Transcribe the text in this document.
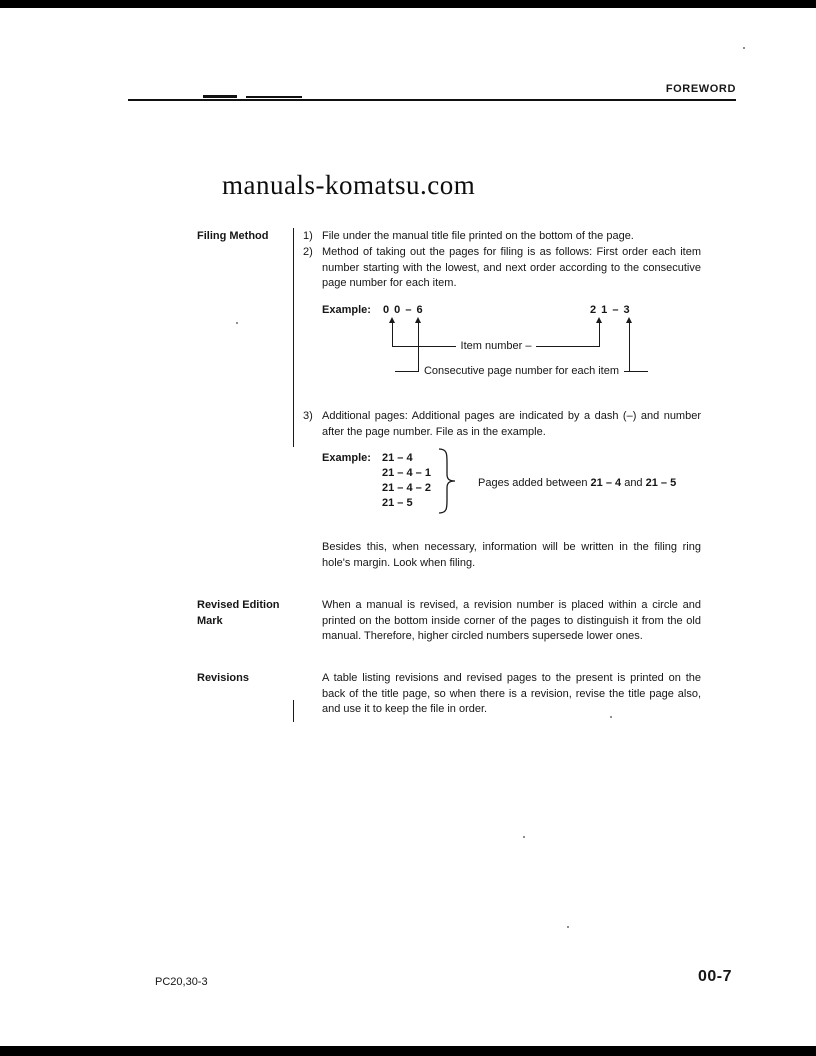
FOREWORD
manuals-komatsu.com
Filing Method	1) File under the manual title file printed on the bottom of the page.
2) Method of taking out the pages for filing is as follows: First order each item number starting with the lowest, and next order according to the consecutive page number for each item.
Example: 0 0 – 6	2 1 – 3
Item number –
Consecutive page number for each item
3) Additional pages: Additional pages are indicated by a dash (–) and number after the page number. File as in the example.
Example: 21 – 4
21 – 4 – 1
21 – 4 – 2
21 – 5
Pages added between 21 – 4 and 21 – 5
Besides this, when necessary, information will be written in the filing ring hole's margin. Look when filing.
Revised Edition Mark
When a manual is revised, a revision number is placed within a circle and printed on the bottom inside corner of the pages to distinguish it from the old manual. Therefore, higher circled numbers supersede lower ones.
Revisions	A table listing revisions and revised pages to the present is printed on the back of the title page, so when there is a revision, revise the title page also, and use it to keep the file in order.
PC20,30-3	00-7
